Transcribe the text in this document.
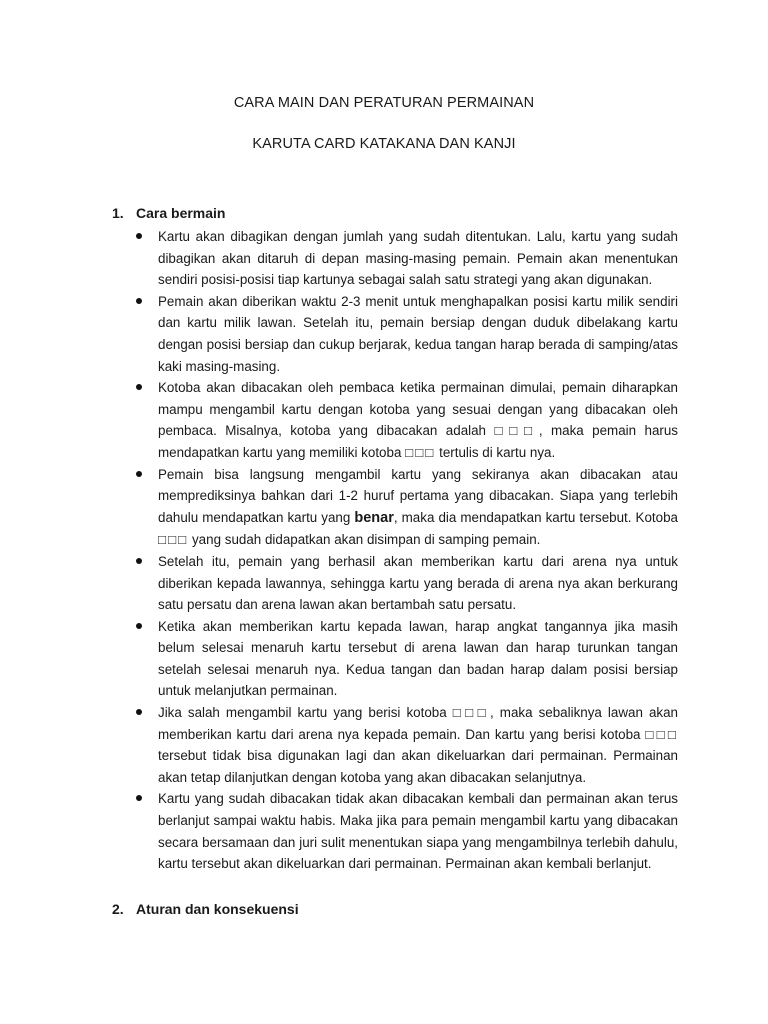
CARA MAIN DAN PERATURAN PERMAINAN
KARUTA CARD KATAKANA DAN KANJI
1. Cara bermain
Kartu akan dibagikan dengan jumlah yang sudah ditentukan. Lalu, kartu yang sudah dibagikan akan ditaruh di depan masing-masing pemain. Pemain akan menentukan sendiri posisi-posisi tiap kartunya sebagai salah satu strategi yang akan digunakan.
Pemain akan diberikan waktu 2-3 menit untuk menghapalkan posisi kartu milik sendiri dan kartu milik lawan. Setelah itu, pemain bersiap dengan duduk dibelakang kartu dengan posisi bersiap dan cukup berjarak, kedua tangan harap berada di samping/atas kaki masing-masing.
Kotoba akan dibacakan oleh pembaca ketika permainan dimulai, pemain diharapkan mampu mengambil kartu dengan kotoba yang sesuai dengan yang dibacakan oleh pembaca. Misalnya, kotoba yang dibacakan adalah □□□, maka pemain harus mendapatkan kartu yang memiliki kotoba □□□ tertulis di kartu nya.
Pemain bisa langsung mengambil kartu yang sekiranya akan dibacakan atau memprediksinya bahkan dari 1-2 huruf pertama yang dibacakan. Siapa yang terlebih dahulu mendapatkan kartu yang benar, maka dia mendapatkan kartu tersebut. Kotoba □□□ yang sudah didapatkan akan disimpan di samping pemain.
Setelah itu, pemain yang berhasil akan memberikan kartu dari arena nya untuk diberikan kepada lawannya, sehingga kartu yang berada di arena nya akan berkurang satu persatu dan arena lawan akan bertambah satu persatu.
Ketika akan memberikan kartu kepada lawan, harap angkat tangannya jika masih belum selesai menaruh kartu tersebut di arena lawan dan harap turunkan tangan setelah selesai menaruh nya. Kedua tangan dan badan harap dalam posisi bersiap untuk melanjutkan permainan.
Jika salah mengambil kartu yang berisi kotoba □□□, maka sebaliknya lawan akan memberikan kartu dari arena nya kepada pemain. Dan kartu yang berisi kotoba □□□ tersebut tidak bisa digunakan lagi dan akan dikeluarkan dari permainan. Permainan akan tetap dilanjutkan dengan kotoba yang akan dibacakan selanjutnya.
Kartu yang sudah dibacakan tidak akan dibacakan kembali dan permainan akan terus berlanjut sampai waktu habis. Maka jika para pemain mengambil kartu yang dibacakan secara bersamaan dan juri sulit menentukan siapa yang mengambilnya terlebih dahulu, kartu tersebut akan dikeluarkan dari permainan. Permainan akan kembali berlanjut.
2. Aturan dan konsekuensi
